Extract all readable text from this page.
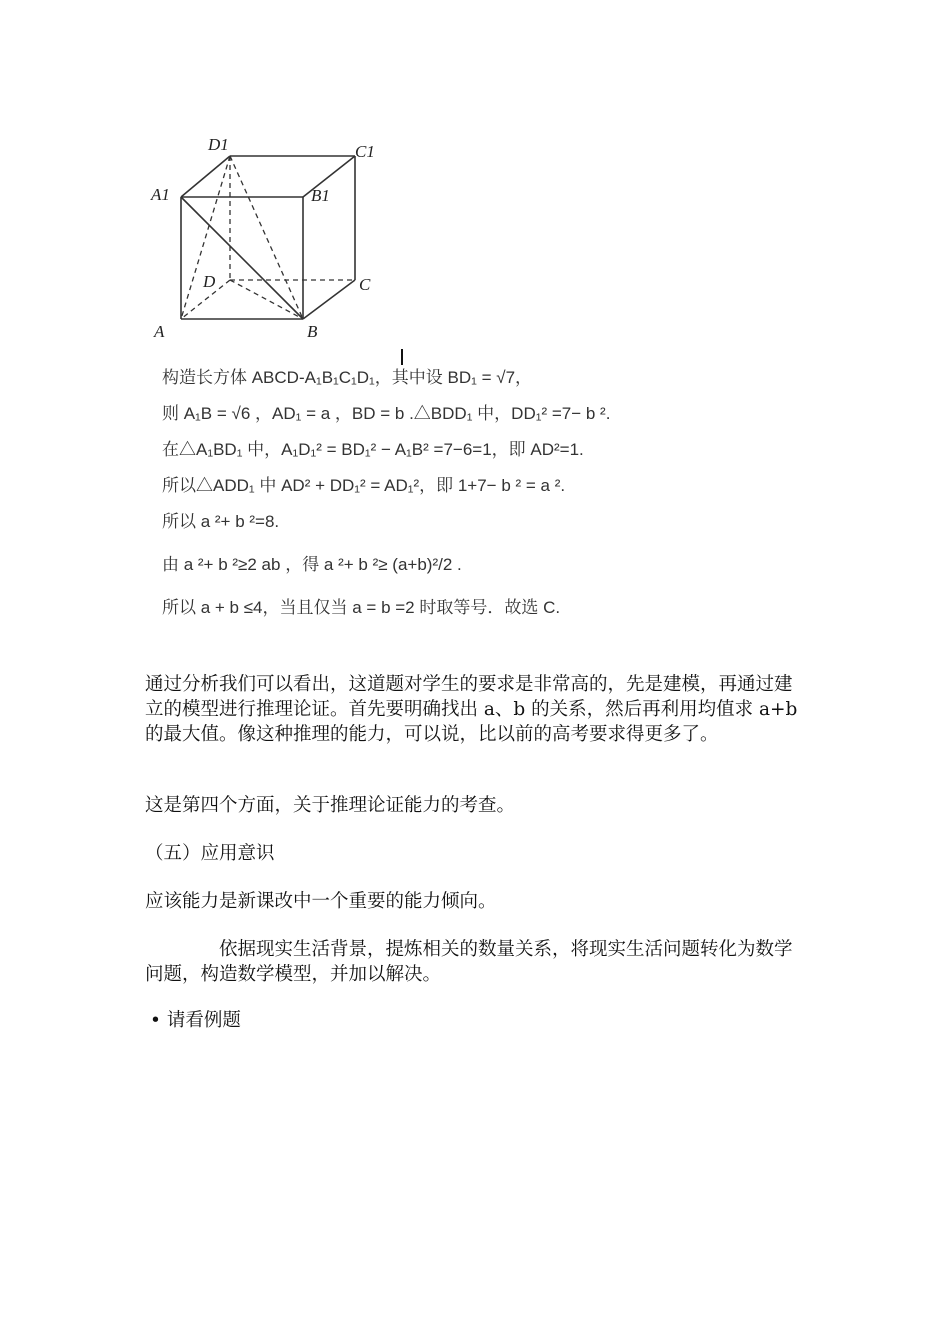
D1	C1
A1	B1
D	C
A	B
构造长方体 ABCD-A₁B₁C₁D₁，其中设 BD₁ = √7，
则 A₁B = √6 ，AD₁ = a ，BD = b .△BDD₁ 中，DD₁² =7− b ².
在△A₁BD₁ 中，A₁D₁² = BD₁² − A₁B² =7−6=1，即 AD²=1.
所以△ADD₁ 中 AD² + DD₁² = AD₁²，即 1+7− b ² = a ².
所以 a ²+ b ²=8.
由 a ²+ b ²≥2 ab ，得 a ²+ b ²≥ (a+b)²/2 .
所以 a + b ≤4，当且仅当 a = b =2 时取等号．故选 C.
通过分析我们可以看出，这道题对学生的要求是非常高的，先是建模，再通过建立的模型进行推理论证。首先要明确找出 a、b 的关系，然后再利用均值求 a+b 的最大值。像这种推理的能力，可以说，比以前的高考要求得更多了。
这是第四个方面，关于推理论证能力的考查。
（五）应用意识
应该能力是新课改中一个重要的能力倾向。
依据现实生活背景，提炼相关的数量关系，将现实生活问题转化为数学问题，构造数学模型，并加以解决。
• 请看例题
